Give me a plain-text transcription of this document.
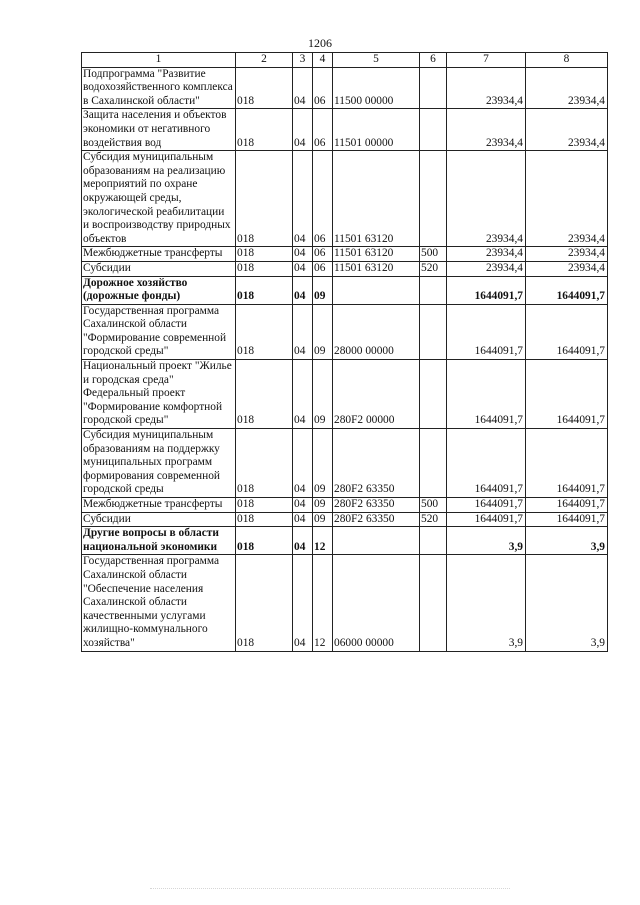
1206
1	2	3	4	5	6	7	8
Подпрограмма "Развитие водохозяйственного комплекса в Сахалинской области"	018	04	06	11500 00000		23934,4	23934,4
Защита населения и объектов экономики от негативного воздействия вод	018	04	06	11501 00000		23934,4	23934,4
Субсидия муниципальным образованиям на реализацию мероприятий по охране окружающей среды, экологической реабилитации и воспроизводству природных объектов	018	04	06	11501 63120		23934,4	23934,4
Межбюджетные трансферты	018	04	06	11501 63120	500	23934,4	23934,4
Субсидии	018	04	06	11501 63120	520	23934,4	23934,4
Дорожное хозяйство (дорожные фонды)	018	04	09			1644091,7	1644091,7
Государственная программа Сахалинской области "Формирование современной городской среды"	018	04	09	28000 00000		1644091,7	1644091,7
Национальный проект "Жилье и городская среда" Федеральный проект "Формирование комфортной городской среды"	018	04	09	280F2 00000		1644091,7	1644091,7
Субсидия муниципальным образованиям на поддержку муниципальных программ формирования современной городской среды	018	04	09	280F2 63350		1644091,7	1644091,7
Межбюджетные трансферты	018	04	09	280F2 63350	500	1644091,7	1644091,7
Субсидии	018	04	09	280F2 63350	520	1644091,7	1644091,7
Другие вопросы в области национальной экономики	018	04	12			3,9	3,9
Государственная программа Сахалинской области "Обеспечение населения Сахалинской области качественными услугами жилищно-коммунального хозяйства"	018	04	12	06000 00000		3,9	3,9
